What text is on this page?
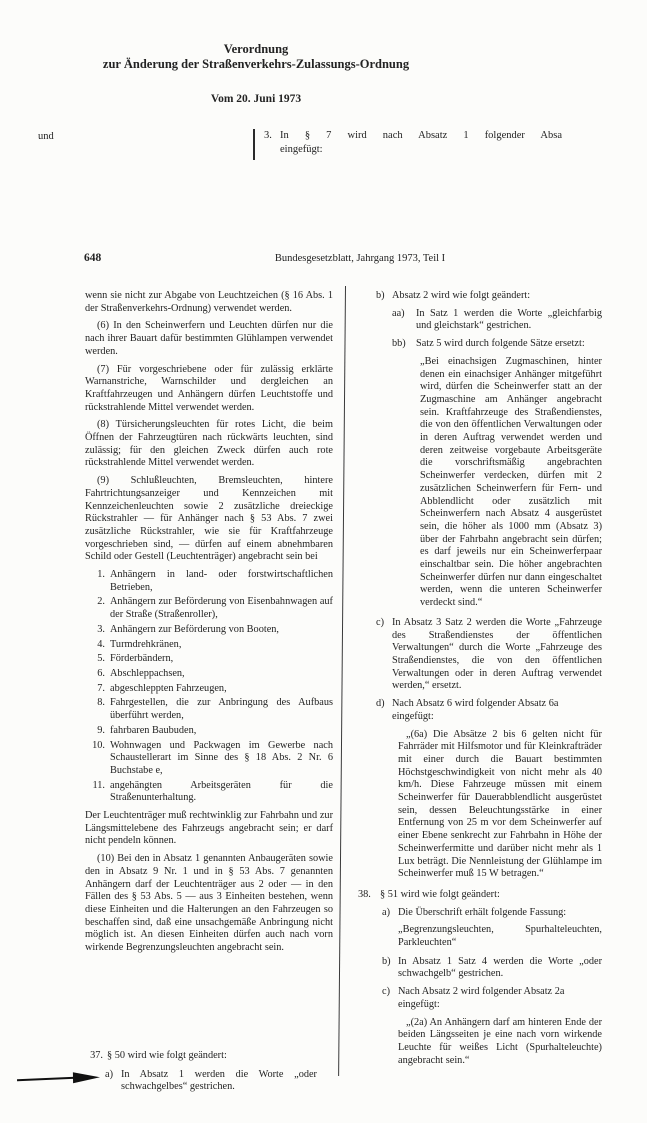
Verordnung
zur Änderung der Straßenverkehrs-Zulassungs-Ordnung
Vom 20. Juni 1973
und	3. In § 7 wird nach Absatz 1 folgender Absa
eingefügt:
648	Bundesgesetzblatt, Jahrgang 1973, Teil I

wenn sie nicht zur Abgabe von Leuchtzeichen (§ 16 Abs. 1 der Straßenverkehrs-Ordnung) verwendet werden.

(6) In den Scheinwerfern und Leuchten dürfen nur die nach ihrer Bauart dafür bestimmten Glühlampen verwendet werden.

(7) Für vorgeschriebene oder für zulässig erklärte Warnanstriche, Warnschilder und dergleichen an Kraftfahrzeugen und Anhängern dürfen Leuchtstoffe und rückstrahlende Mittel verwendet werden.

(8) Türsicherungsleuchten für rotes Licht, die beim Öffnen der Fahrzeugtüren nach rückwärts leuchten, sind zulässig; für den gleichen Zweck dürfen auch rote rückstrahlende Mittel verwendet werden.

(9) Schlußleuchten, Bremsleuchten, hintere Fahrtrichtungsanzeiger und Kennzeichen mit Kennzeichenleuchten sowie 2 zusätzliche dreieckige Rückstrahler — für Anhänger nach § 53 Abs. 7 zwei zusätzliche Rückstrahler, wie sie für Kraftfahrzeuge vorgeschrieben sind, — dürfen auf einem abnehmbaren Schild oder Gestell (Leuchtenträger) angebracht sein bei

1. Anhängern in land- oder forstwirtschaftlichen Betrieben,
2. Anhängern zur Beförderung von Eisenbahnwagen auf der Straße (Straßenroller),
3. Anhängern zur Beförderung von Booten,
4. Turmdrehkränen,
5. Förderbändern,
6. Abschleppachsen,
7. abgeschleppten Fahrzeugen,
8. Fahrgestellen, die zur Anbringung des Aufbaus überführt werden,
9. fahrbaren Baubuden,
10. Wohnwagen und Packwagen im Gewerbe nach Schaustellerart im Sinne des § 18 Abs. 2 Nr. 6 Buchstabe e,
11. angehängten Arbeitsgeräten für die Straßenunterhaltung.

Der Leuchtenträger muß rechtwinklig zur Fahrbahn und zur Längsmittelebene des Fahrzeugs angebracht sein; er darf nicht pendeln können.

(10) Bei den in Absatz 1 genannten Anbaugeräten sowie den in Absatz 9 Nr. 1 und in § 53 Abs. 7 genannten Anhängern darf der Leuchtenträger aus 2 oder — in den Fällen des § 53 Abs. 5 — aus 3 Einheiten bestehen, wenn diese Einheiten und die Halterungen an den Fahrzeugen so beschaffen sind, daß eine unsachgemäße Anbringung nicht möglich ist. An diesen Einheiten dürfen auch nach vorn wirkende Begrenzungsleuchten angebracht sein.

37. § 50 wird wie folgt geändert:
a) In Absatz 1 werden die Worte „oder schwachgelbes“ gestrichen.
b) Absatz 2 wird wie folgt geändert:
aa)	In Satz 1 werden die Worte „gleichfarbig und gleichstark“ gestrichen.
bb) Satz 5 wird durch folgende Sätze ersetzt:
„Bei einachsigen Zugmaschinen, hinter denen ein einachsiger Anhänger mitgeführt wird, dürfen die Scheinwerfer statt an der Zugmaschine am Anhänger angebracht sein. Kraftfahrzeuge des Straßendienstes, die von den öffentlichen Verwaltungen oder in deren Auftrag verwendet werden und deren zeitweise vorgebaute Arbeitsgeräte die vorschriftsmäßig angebrachten Scheinwerfer verdecken, dürfen mit 2 zusätzlichen Scheinwerfern für Fern- und Abblendlicht oder zusätzlich mit Scheinwerfern nach Absatz 4 ausgerüstet sein, die höher als 1000 mm (Absatz 3) über der Fahrbahn angebracht sein dürfen; es darf jeweils nur ein Scheinwerferpaar einschaltbar sein. Die höher angebrachten Scheinwerfer dürfen nur dann eingeschaltet werden, wenn die unteren Scheinwerfer verdeckt sind.“
c) In Absatz 3 Satz 2 werden die Worte „Fahrzeuge des Straßendienstes der öffentlichen Verwaltungen“ durch die Worte „Fahrzeuge des Straßendienstes, die von den öffentlichen Verwaltungen oder in deren Auftrag verwendet werden,“ ersetzt.
d) Nach Absatz 6 wird folgender Absatz 6a eingefügt:
„(6a) Die Absätze 2 bis 6 gelten nicht für Fahrräder mit Hilfsmotor und für Kleinkrafträder mit einer durch die Bauart bestimmten Höchstgeschwindigkeit von nicht mehr als 40 km/h. Diese Fahrzeuge müssen mit einem Scheinwerfer für Dauerabblendlicht ausgerüstet sein, dessen Beleuchtungsstärke in einer Entfernung von 25 m vor dem Scheinwerfer auf einer Ebene senkrecht zur Fahrbahn in Höhe der Scheinwerfermitte und darüber nicht mehr als 1 Lux beträgt. Die Nennleistung der Glühlampe im Scheinwerfer muß 15 W betragen.“
38. § 51 wird wie folgt geändert:
a) Die Überschrift erhält folgende Fassung:
„Begrenzungsleuchten, Spurhalteleuchten, Parkleuchten“
b) In Absatz 1 Satz 4 werden die Worte „oder schwachgelb“ gestrichen.
c) Nach Absatz 2 wird folgender Absatz 2a eingefügt:
„(2a) An Anhängern darf am hinteren Ende der beiden Längsseiten je eine nach vorn wirkende Leuchte für weißes Licht (Spurhalteleuchte) angebracht sein.“
